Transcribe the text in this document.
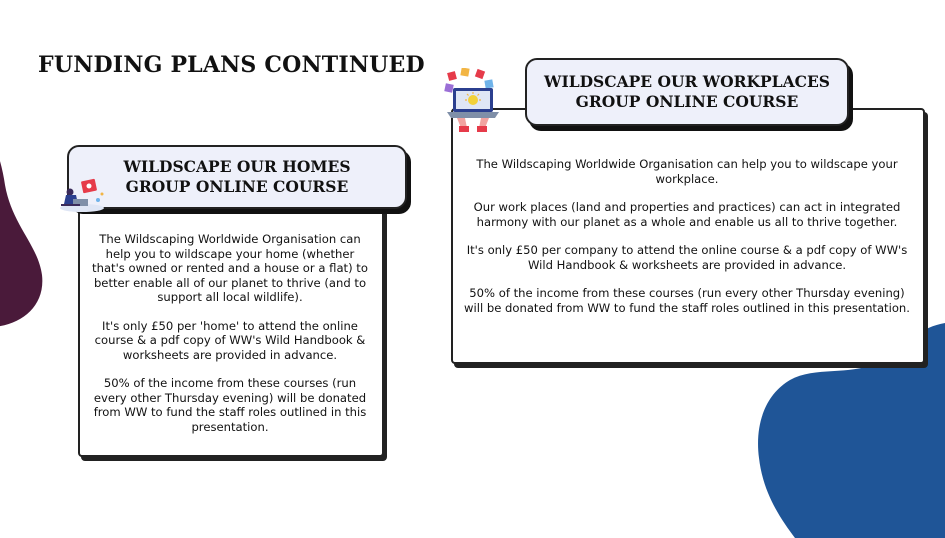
FUNDING PLANS CONTINUED

The Wildscaping Worldwide Organisation can help you to wildscape your home (whether that's owned or rented and a house or a flat) to better enable all of our planet to thrive (and to support all local wildlife).

It's only £50 per 'home' to attend the online course & a pdf copy of WW's Wild Handbook & worksheets are provided in advance.

50% of the income from these courses (run every other Thursday evening) will be donated from WW to fund the staff roles outlined in this presentation.

WILDSCAPE OUR HOMES GROUP ONLINE COURSE

The Wildscaping Worldwide Organisation can help you to wildscape your workplace.

Our work places (land and properties and practices) can act in integrated harmony with our planet as a whole and enable us all to thrive together.

It's only £50 per company to attend the online course & a pdf copy of WW's Wild Handbook & worksheets are provided in advance.

50% of the income from these courses (run every other Thursday evening) will be donated from WW to fund the staff roles outlined in this presentation.

WILDSCAPE OUR WORKPLACES GROUP ONLINE COURSE
